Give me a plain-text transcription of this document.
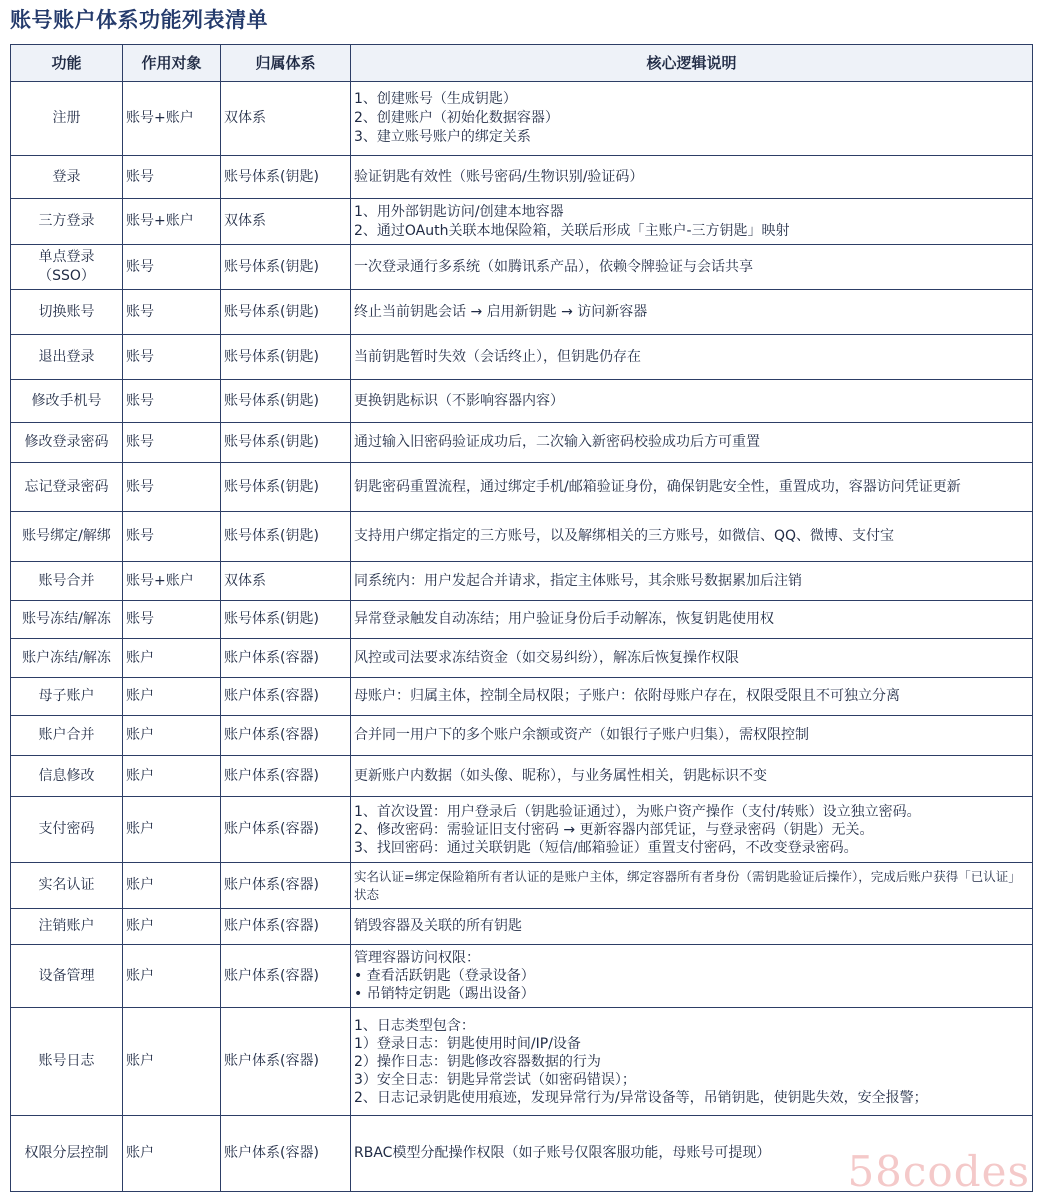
账号账户体系功能列表清单
功能	作用对象	归属体系	核心逻辑说明
注册	账号+账户	双体系	1、创建账号（生成钥匙）
2、创建账户（初始化数据容器）
3、建立账号账户的绑定关系
登录	账号	账号体系(钥匙)	验证钥匙有效性（账号密码/生物识别/验证码）
三方登录	账号+账户	双体系	1、用外部钥匙访问/创建本地容器
2、通过OAuth关联本地保险箱，关联后形成「主账户-三方钥匙」映射
单点登录（SSO）	账号	账号体系(钥匙)	一次登录通行多系统（如腾讯系产品），依赖令牌验证与会话共享
切换账号	账号	账号体系(钥匙)	终止当前钥匙会话 → 启用新钥匙 → 访问新容器
退出登录	账号	账号体系(钥匙)	当前钥匙暂时失效（会话终止），但钥匙仍存在
修改手机号	账号	账号体系(钥匙)	更换钥匙标识（不影响容器内容）
修改登录密码	账号	账号体系(钥匙)	通过输入旧密码验证成功后，二次输入新密码校验成功后方可重置
忘记登录密码	账号	账号体系(钥匙)	钥匙密码重置流程，通过绑定手机/邮箱验证身份，确保钥匙安全性，重置成功，容器访问凭证更新
账号绑定/解绑	账号	账号体系(钥匙)	支持用户绑定指定的三方账号，以及解绑相关的三方账号，如微信、QQ、微博、支付宝
账号合并	账号+账户	双体系	同系统内：用户发起合并请求，指定主体账号，其余账号数据累加后注销
账号冻结/解冻	账号	账号体系(钥匙)	异常登录触发自动冻结；用户验证身份后手动解冻，恢复钥匙使用权
账户冻结/解冻	账户	账户体系(容器)	风控或司法要求冻结资金（如交易纠纷），解冻后恢复操作权限
母子账户	账户	账户体系(容器)	母账户：归属主体，控制全局权限；子账户：依附母账户存在，权限受限且不可独立分离
账户合并	账户	账户体系(容器)	合并同一用户下的多个账户余额或资产（如银行子账户归集），需权限控制
信息修改	账户	账户体系(容器)	更新账户内数据（如头像、昵称），与业务属性相关，钥匙标识不变
支付密码	账户	账户体系(容器)	1、首次设置：用户登录后（钥匙验证通过），为账户资产操作（支付/转账）设立独立密码。
2、修改密码：需验证旧支付密码 → 更新容器内部凭证，与登录密码（钥匙）无关。
3、找回密码：通过关联钥匙（短信/邮箱验证）重置支付密码，不改变登录密码。
实名认证	账户	账户体系(容器)	实名认证=绑定保险箱所有者认证的是账户主体，绑定容器所有者身份（需钥匙验证后操作），完成后账户获得「已认证」状态
注销账户	账户	账户体系(容器)	销毁容器及关联的所有钥匙
设备管理	账户	账户体系(容器)	管理容器访问权限：
• 查看活跃钥匙（登录设备）
• 吊销特定钥匙（踢出设备）
账号日志	账户	账户体系(容器)	1、日志类型包含：
1）登录日志：钥匙使用时间/IP/设备
2）操作日志：钥匙修改容器数据的行为
3）安全日志：钥匙异常尝试（如密码错误）；
2、日志记录钥匙使用痕迹，发现异常行为/异常设备等，吊销钥匙，使钥匙失效，安全报警；
权限分层控制	账户	账户体系(容器)	RBAC模型分配操作权限（如子账号仅限客服功能，母账号可提现） 58codes
